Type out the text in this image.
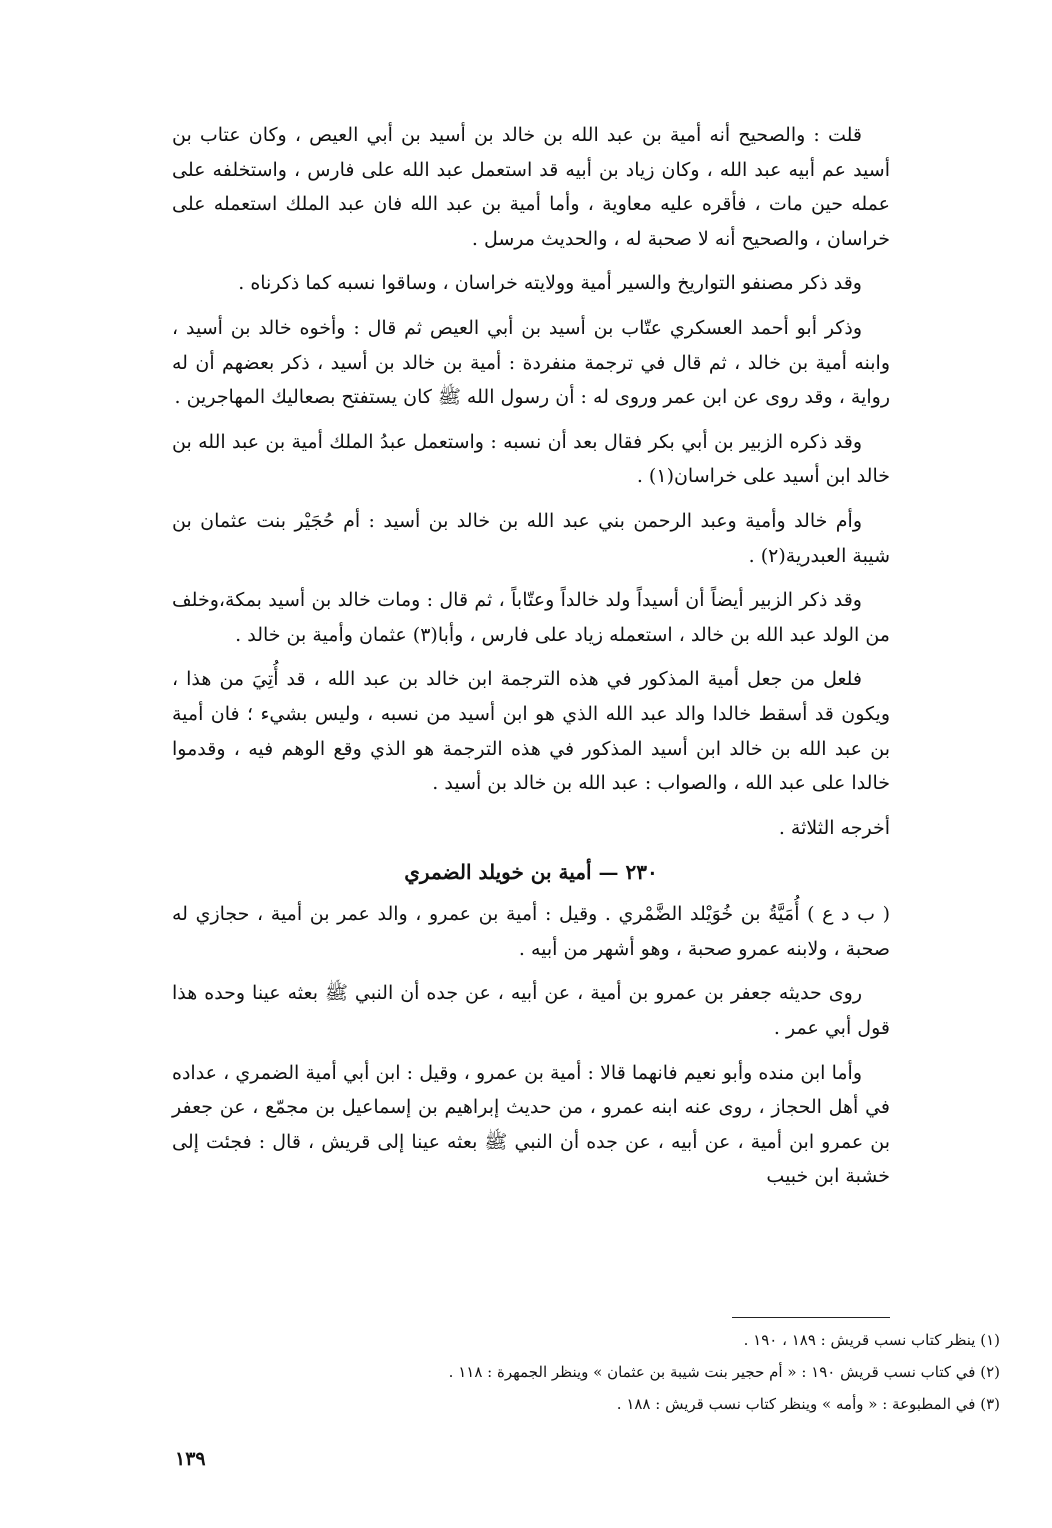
قلت : والصحيح أنه أمية بن عبد الله بن خالد بن أسيد بن أبي العيص ، وكان عتاب بن أسيد عم أبيه عبد الله ، وكان زياد بن أبيه قد استعمل عبد الله على فارس ، واستخلفه على عمله حين مات ، فأقره عليه معاوية ، وأما أمية بن عبد الله فان عبد الملك استعمله على خراسان ، والصحيح أنه لا صحبة له ، والحديث مرسل .

وقد ذكر مصنفو التواريخ والسير أمية وولايته خراسان ، وساقوا نسبه كما ذكرناه .

وذكر أبو أحمد العسكري عتّاب بن أسيد بن أبي العيص ثم قال : وأخوه خالد بن أسيد ، وابنه أمية بن خالد ، ثم قال في ترجمة منفردة : أمية بن خالد بن أسيد ، ذكر بعضهم أن له رواية ، وقد روى عن ابن عمر وروى له : أن رسول الله ﷺ كان يستفتح بصعاليك المهاجرين .

وقد ذكره الزبير بن أبي بكر فقال بعد أن نسبه : واستعمل عبدُ الملك أمية بن عبد الله بن خالد ابن أسيد على خراسان(١) .

وأم خالد وأمية وعبد الرحمن بني عبد الله بن خالد بن أسيد : أم حُجَيْر بنت عثمان بن شيبة العبدرية(٢) .

وقد ذكر الزبير أيضاً أن أسيداً ولد خالداً وعتّاباً ، ثم قال : ومات خالد بن أسيد بمكة،وخلف من الولد عبد الله بن خالد ، استعمله زياد على فارس ، وأبا(٣) عثمان وأمية بن خالد .

فلعل من جعل أمية المذكور في هذه الترجمة ابن خالد بن عبد الله ، قد أُتِيَ من هذا ، ويكون قد أسقط خالدا والد عبد الله الذي هو ابن أسيد من نسبه ، وليس بشيء ؛ فان أمية بن عبد الله بن خالد ابن أسيد المذكور في هذه الترجمة هو الذي وقع الوهم فيه ، وقدموا خالدا على عبد الله ، والصواب : عبد الله بن خالد بن أسيد .

أخرجه الثلاثة .

٢٣٠ — أمية بن خويلد الضمري

( ب د ع ) أُمَيَّةُ بن خُوَيْلد الضَّمْري . وقيل : أمية بن عمرو ، والد عمر بن أمية ، حجازي له صحبة ، ولابنه عمرو صحبة ، وهو أشهر من أبيه .

روى حديثه جعفر بن عمرو بن أمية ، عن أبيه ، عن جده أن النبي ﷺ بعثه عينا وحده هذا قول أبي عمر .

وأما ابن منده وأبو نعيم فانهما قالا : أمية بن عمرو ، وقيل : ابن أبي أمية الضمري ، عداده في أهل الحجاز ، روى عنه ابنه عمرو ، من حديث إبراهيم بن إسماعيل بن مجمّع ، عن جعفر بن عمرو ابن أمية ، عن أبيه ، عن جده أن النبي ﷺ بعثه عينا إلى قريش ، قال : فجئت إلى خشبة ابن خبيب

(١) ينظر كتاب نسب قريش : ١٨٩ ، ١٩٠ .
(٢) في كتاب نسب قريش ١٩٠ : « أم حجير بنت شيبة بن عثمان » وينظر الجمهرة : ١١٨ .
(٣) في المطبوعة : « وأمه » وينظر كتاب نسب قريش : ١٨٨ .
١٣٩
